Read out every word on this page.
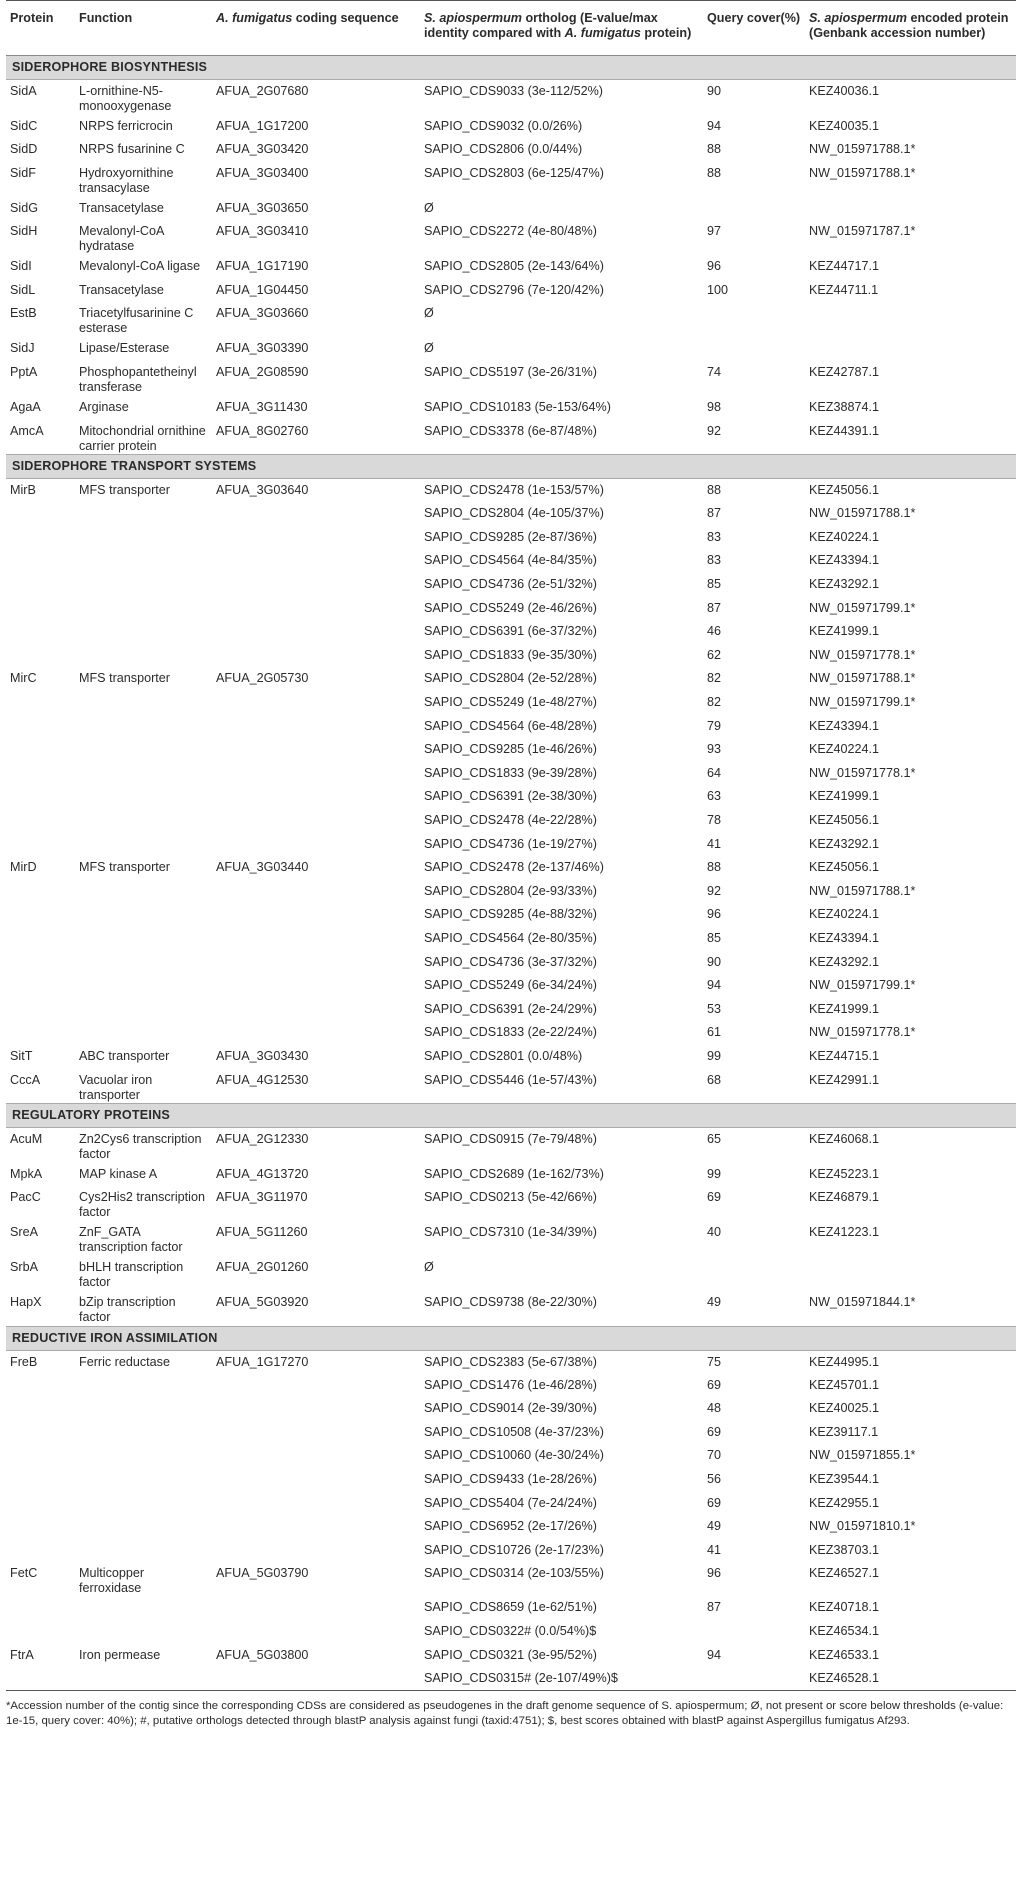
Protein	Function	A. fumigatus coding sequence	S. apiospermum ortholog (E-value/max identity compared with A. fumigatus protein)	Query cover(%)	S. apiospermum encoded protein (Genbank accession number)
SIDEROPHORE BIOSYNTHESIS					
SidA	L-ornithine-N5-monooxygenase	AFUA_2G07680	SAPIO_CDS9033 (3e-112/52%)	90	KEZ40036.1
SidC	NRPS ferricrocin	AFUA_1G17200	SAPIO_CDS9032 (0.0/26%)	94	KEZ40035.1
SidD	NRPS fusarinine C	AFUA_3G03420	SAPIO_CDS2806 (0.0/44%)	88	NW_015971788.1*
SidF	Hydroxyornithine transacylase	AFUA_3G03400	SAPIO_CDS2803 (6e-125/47%)	88	NW_015971788.1*
SidG	Transacetylase	AFUA_3G03650	Ø		
SidH	Mevalonyl-CoA hydratase	AFUA_3G03410	SAPIO_CDS2272 (4e-80/48%)	97	NW_015971787.1*
SidI	Mevalonyl-CoA ligase	AFUA_1G17190	SAPIO_CDS2805 (2e-143/64%)	96	KEZ44717.1
SidL	Transacetylase	AFUA_1G04450	SAPIO_CDS2796 (7e-120/42%)	100	KEZ44711.1
EstB	Triacetylfusarinine C esterase	AFUA_3G03660	Ø		
SidJ	Lipase/Esterase	AFUA_3G03390	Ø		
PptA	Phosphopantetheinyl transferase	AFUA_2G08590	SAPIO_CDS5197 (3e-26/31%)	74	KEZ42787.1
AgaA	Arginase	AFUA_3G11430	SAPIO_CDS10183 (5e-153/64%)	98	KEZ38874.1
AmcA	Mitochondrial ornithine carrier protein	AFUA_8G02760	SAPIO_CDS3378 (6e-87/48%)	92	KEZ44391.1
SIDEROPHORE TRANSPORT SYSTEMS					
MirB	MFS transporter	AFUA_3G03640	SAPIO_CDS2478 (1e-153/57%)	88	KEZ45056.1
			SAPIO_CDS2804 (4e-105/37%)	87	NW_015971788.1*
			SAPIO_CDS9285 (2e-87/36%)	83	KEZ40224.1
			SAPIO_CDS4564 (4e-84/35%)	83	KEZ43394.1
			SAPIO_CDS4736 (2e-51/32%)	85	KEZ43292.1
			SAPIO_CDS5249 (2e-46/26%)	87	NW_015971799.1*
			SAPIO_CDS6391 (6e-37/32%)	46	KEZ41999.1
			SAPIO_CDS1833 (9e-35/30%)	62	NW_015971778.1*
MirC	MFS transporter	AFUA_2G05730	SAPIO_CDS2804 (2e-52/28%)	82	NW_015971788.1*
			SAPIO_CDS5249 (1e-48/27%)	82	NW_015971799.1*
			SAPIO_CDS4564 (6e-48/28%)	79	KEZ43394.1
			SAPIO_CDS9285 (1e-46/26%)	93	KEZ40224.1
			SAPIO_CDS1833 (9e-39/28%)	64	NW_015971778.1*
			SAPIO_CDS6391 (2e-38/30%)	63	KEZ41999.1
			SAPIO_CDS2478 (4e-22/28%)	78	KEZ45056.1
			SAPIO_CDS4736 (1e-19/27%)	41	KEZ43292.1
MirD	MFS transporter	AFUA_3G03440	SAPIO_CDS2478 (2e-137/46%)	88	KEZ45056.1
			SAPIO_CDS2804 (2e-93/33%)	92	NW_015971788.1*
			SAPIO_CDS9285 (4e-88/32%)	96	KEZ40224.1
			SAPIO_CDS4564 (2e-80/35%)	85	KEZ43394.1
			SAPIO_CDS4736 (3e-37/32%)	90	KEZ43292.1
			SAPIO_CDS5249 (6e-34/24%)	94	NW_015971799.1*
			SAPIO_CDS6391 (2e-24/29%)	53	KEZ41999.1
			SAPIO_CDS1833 (2e-22/24%)	61	NW_015971778.1*
SitT	ABC transporter	AFUA_3G03430	SAPIO_CDS2801 (0.0/48%)	99	KEZ44715.1
CccA	Vacuolar iron transporter	AFUA_4G12530	SAPIO_CDS5446 (1e-57/43%)	68	KEZ42991.1
REGULATORY PROTEINS					
AcuM	Zn2Cys6 transcription factor	AFUA_2G12330	SAPIO_CDS0915 (7e-79/48%)	65	KEZ46068.1
MpkA	MAP kinase A	AFUA_4G13720	SAPIO_CDS2689 (1e-162/73%)	99	KEZ45223.1
PacC	Cys2His2 transcription factor	AFUA_3G11970	SAPIO_CDS0213 (5e-42/66%)	69	KEZ46879.1
SreA	ZnF_GATA transcription factor	AFUA_5G11260	SAPIO_CDS7310 (1e-34/39%)	40	KEZ41223.1
SrbA	bHLH transcription factor	AFUA_2G01260	Ø		
HapX	bZip transcription factor	AFUA_5G03920	SAPIO_CDS9738 (8e-22/30%)	49	NW_015971844.1*
REDUCTIVE IRON ASSIMILATION					
FreB	Ferric reductase	AFUA_1G17270	SAPIO_CDS2383 (5e-67/38%)	75	KEZ44995.1
			SAPIO_CDS1476 (1e-46/28%)	69	KEZ45701.1
			SAPIO_CDS9014 (2e-39/30%)	48	KEZ40025.1
			SAPIO_CDS10508 (4e-37/23%)	69	KEZ39117.1
			SAPIO_CDS10060 (4e-30/24%)	70	NW_015971855.1*
			SAPIO_CDS9433 (1e-28/26%)	56	KEZ39544.1
			SAPIO_CDS5404 (7e-24/24%)	69	KEZ42955.1
			SAPIO_CDS6952 (2e-17/26%)	49	NW_015971810.1*
			SAPIO_CDS10726 (2e-17/23%)	41	KEZ38703.1
FetC	Multicopper ferroxidase	AFUA_5G03790	SAPIO_CDS0314 (2e-103/55%)	96	KEZ46527.1
			SAPIO_CDS8659 (1e-62/51%)	87	KEZ40718.1
			SAPIO_CDS0322# (0.0/54%)$		KEZ46534.1
FtrA	Iron permease	AFUA_5G03800	SAPIO_CDS0321 (3e-95/52%)	94	KEZ46533.1
			SAPIO_CDS0315# (2e-107/49%)$		KEZ46528.1
*Accession number of the contig since the corresponding CDSs are considered as pseudogenes in the draft genome sequence of S. apiospermum; Ø, not present or score below thresholds (e-value: 1e-15, query cover: 40%); #, putative orthologs detected through blastP analysis against fungi (taxid:4751); $, best scores obtained with blastP against Aspergillus fumigatus Af293.
